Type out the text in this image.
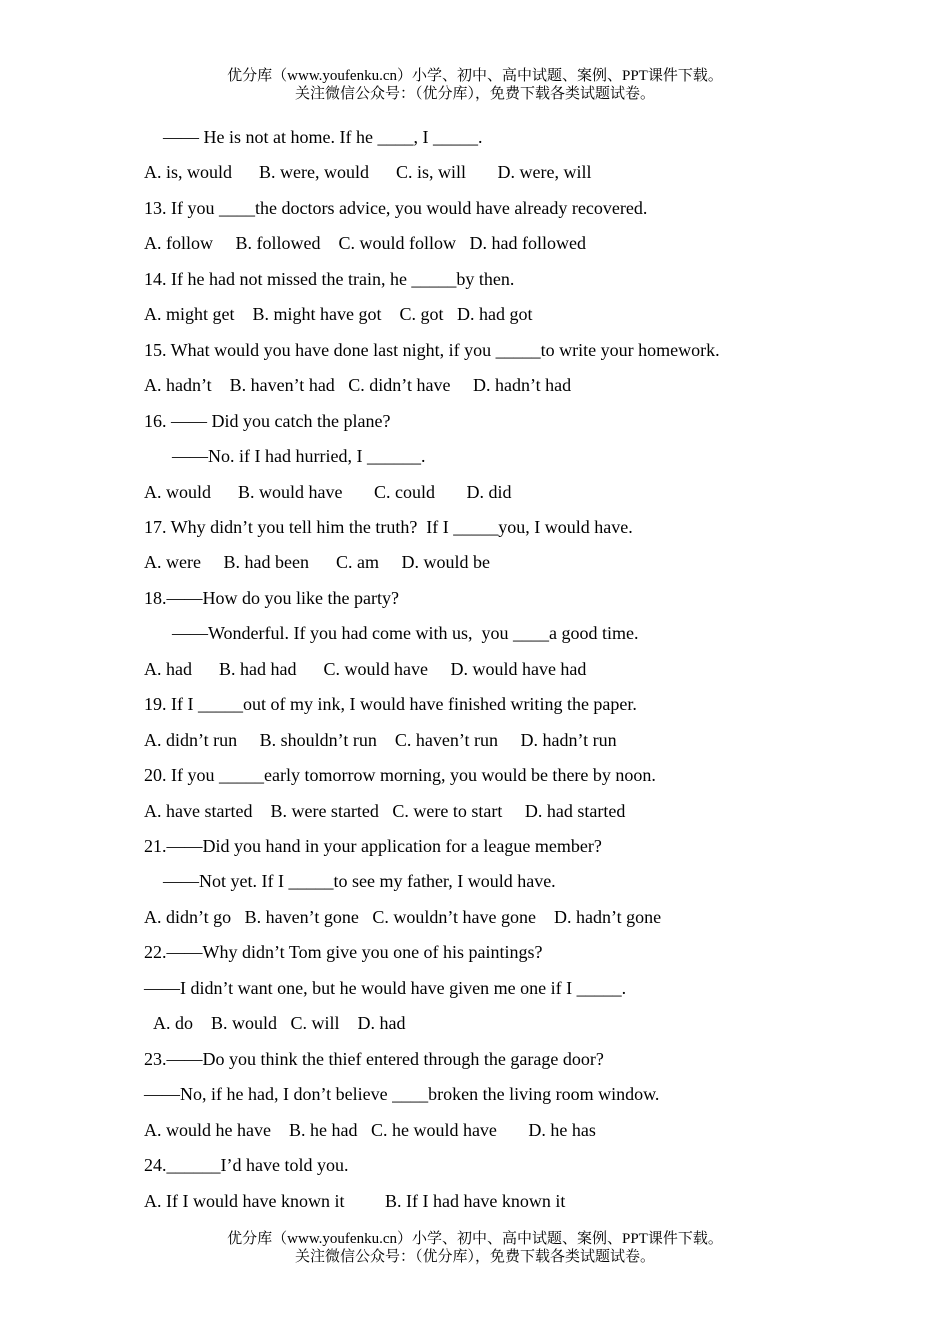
优分库（www.youfenku.cn）小学、初中、高中试题、案例、PPT课件下载。
关注微信公众号：（优分库），免费下载各类试题试卷。
—— He is not at home. If he ____, I _____.
A. is, would      B. were, would      C. is, will       D. were, will
13. If you ____the doctors advice, you would have already recovered.
A. follow     B. followed    C. would follow   D. had followed
14. If he had not missed the train, he _____by then.
A. might get    B. might have got    C. got   D. had got
15. What would you have done last night, if you _____to write your homework.
A. hadn’t    B. haven’t had   C. didn’t have     D. hadn’t had
16. —— Did you catch the plane?
——No. if I had hurried, I ______.
A. would      B. would have       C. could       D. did
17. Why didn’t you tell him the truth?  If I _____you, I would have.
A. were     B. had been      C. am     D. would be
18.——How do you like the party?
——Wonderful. If you had come with us,  you ____a good time.
A. had      B. had had      C. would have     D. would have had
19. If I _____out of my ink, I would have finished writing the paper.
A. didn’t run     B. shouldn’t run    C. haven’t run     D. hadn’t run
20. If you _____early tomorrow morning, you would be there by noon.
A. have started    B. were started   C. were to start     D. had started
21.——Did you hand in your application for a league member?
——Not yet. If I _____to see my father, I would have.
A. didn’t go   B. haven’t gone   C. wouldn’t have gone    D. hadn’t gone
22.——Why didn’t Tom give you one of his paintings?
——I didn’t want one, but he would have given me one if I _____.
A. do    B. would   C. will    D. had
23.——Do you think the thief entered through the garage door?
——No, if he had, I don’t believe ____broken the living room window.
A. would he have    B. he had   C. he would have       D. he has
24.______I’d have told you.
A. If I would have known it         B. If I had have known it
优分库（www.youfenku.cn）小学、初中、高中试题、案例、PPT课件下载。
关注微信公众号：（优分库），免费下载各类试题试卷。
